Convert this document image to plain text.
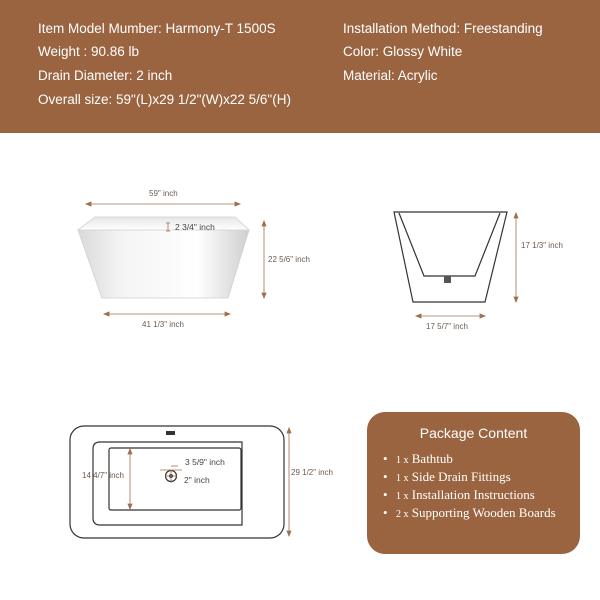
Item Model Mumber: Harmony-T 1500S
Weight : 90.86 lb
Drain Diameter: 2 inch
Overall size: 59"(L)x29 1/2"(W)x22 5/6"(H)
Installation Method: Freestanding
Color: Glossy White
Material: Acrylic
59" inch
2 3/4" inch
22 5/6" inch
41 1/3" inch
17 1/3" inch
17 5/7" inch
14 4/7" inch
3 5/9" inch
2" inch
29 1/2" inch
Package Content
• 1 x Bathtub
• 1 x Side Drain Fittings
• 1 x Installation Instructions
• 2 x Supporting Wooden Boards
